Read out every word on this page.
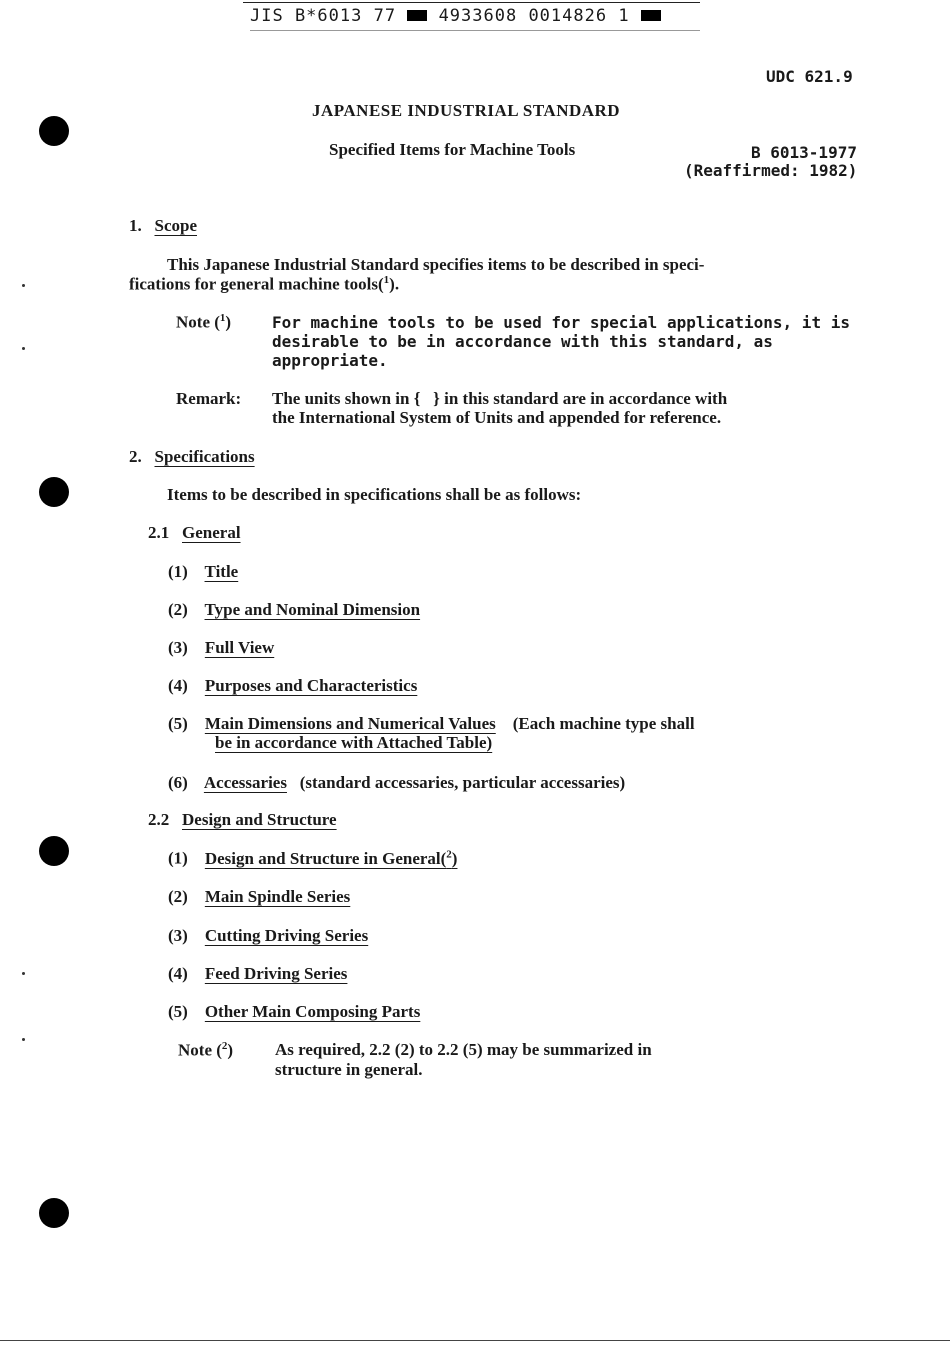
JIS B*6013 77	4933608 0014826 1
UDC 621.9
JAPANESE INDUSTRIAL STANDARD
Specified Items for Machine Tools	B 6013-1977
(Reaffirmed: 1982)
1. Scope
This Japanese Industrial Standard specifies items to be described in speci-
fications for general machine tools($^1$).
Note ($^1$)	For machine tools to be used for special applications, it is
desirable to be in accordance with this standard, as
appropriate.
Remark: The units shown in {   } in this standard are in accordance with
the International System of Units and appended for reference.
2. Specifications
Items to be described in specifications shall be as follows:
2.1 General
(1) Title
(2) Type and Nominal Dimension
(3) Full View
(4) Purposes and Characteristics
(5) Main Dimensions and Numerical Values (Each machine type shall
be in accordance with Attached Table)
(6) Accessaries (standard accessaries, particular accessaries)
2.2 Design and Structure
(1) Design and Structure in General($^2$)
(2) Main Spindle Series
(3) Cutting Driving Series
(4) Feed Driving Series
(5) Other Main Composing Parts
Note ($^2$) As required, 2.2 (2) to 2.2 (5) may be summarized in
structure in general.
